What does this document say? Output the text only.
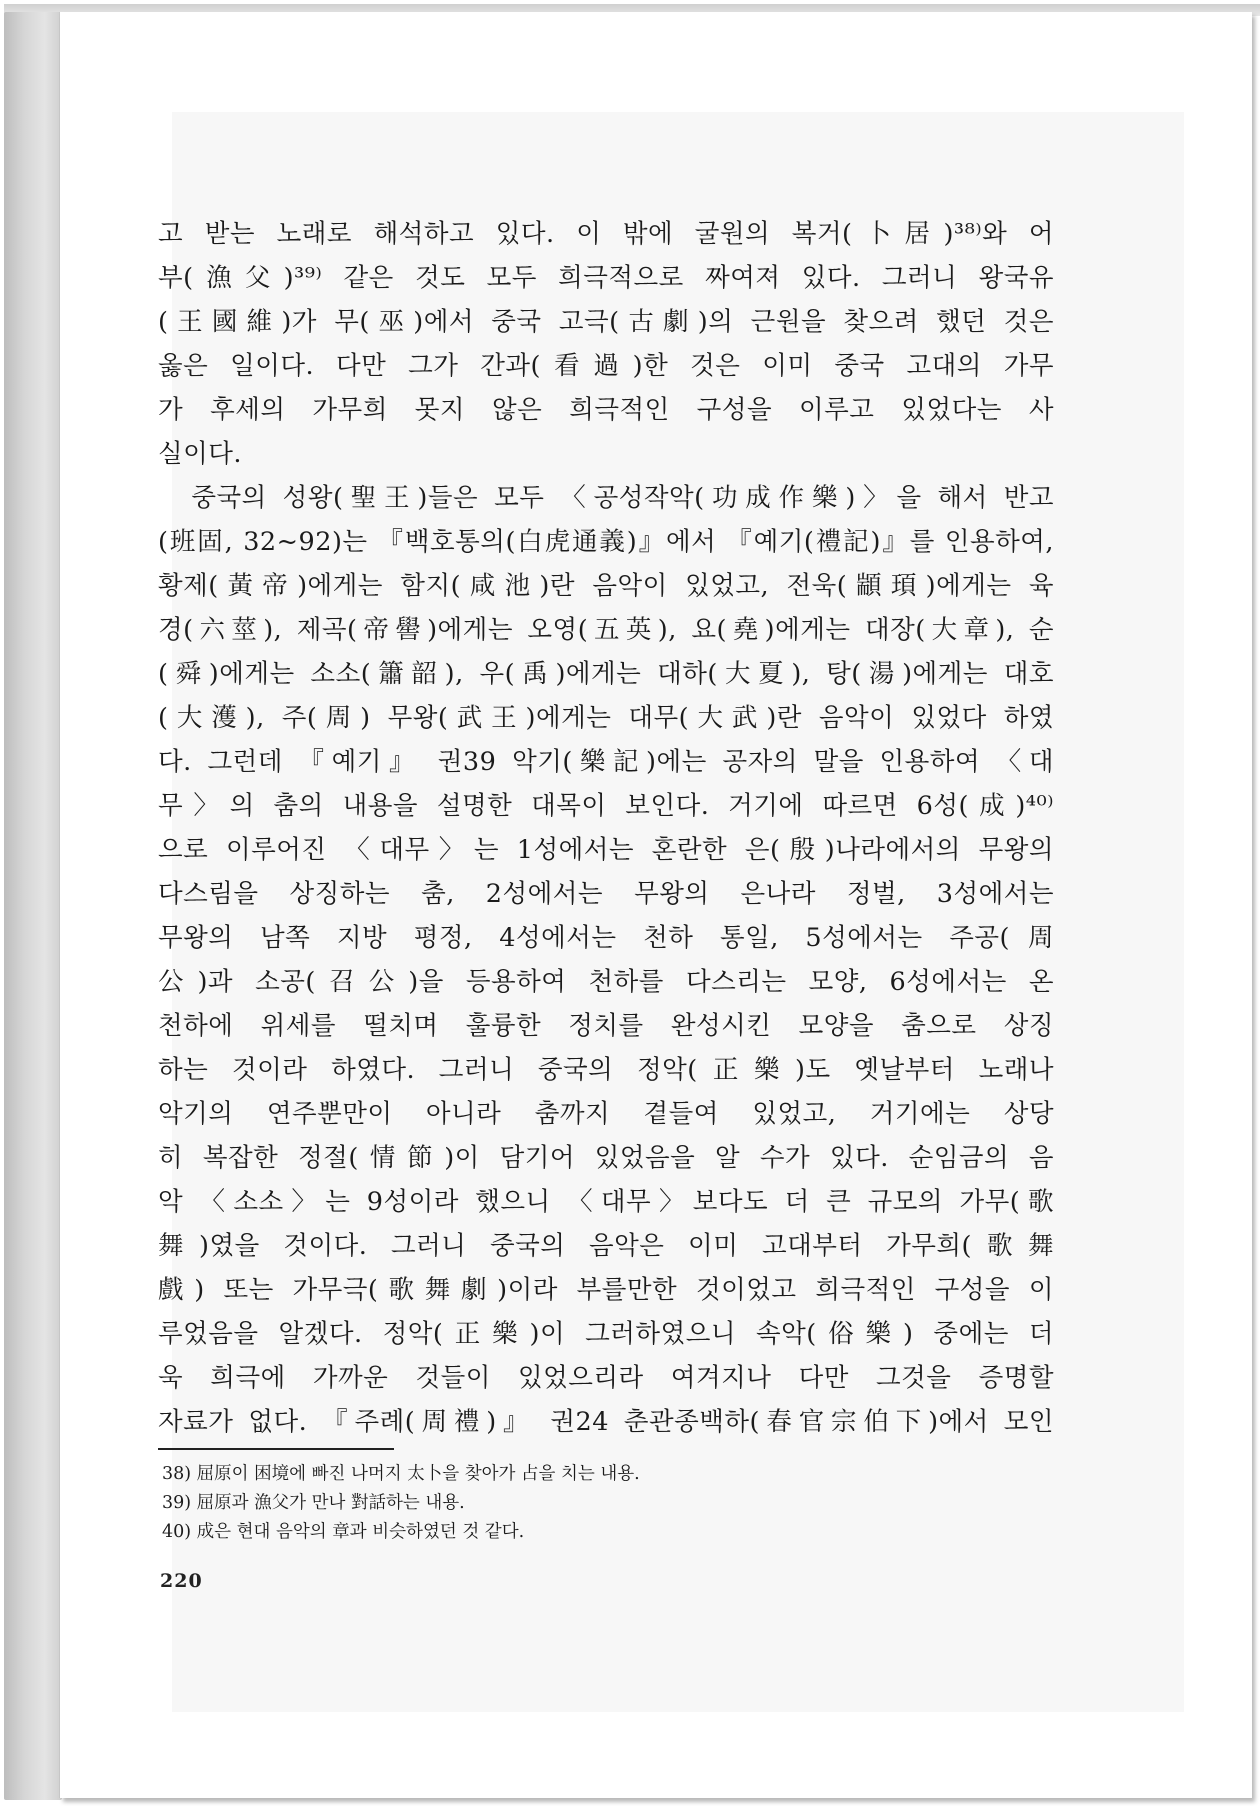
고 받는 노래로 해석하고 있다. 이 밖에 굴원의 복거(卜居)³⁸⁾와 어
부(漁父)³⁹⁾ 같은 것도 모두 희극적으로 짜여져 있다. 그러니 왕국유
(王國維)가 무(巫)에서 중국 고극(古劇)의 근원을 찾으려 했던 것은
옳은 일이다. 다만 그가 간과(看過)한 것은 이미 중국 고대의 가무
가 후세의 가무희 못지 않은 희극적인 구성을 이루고 있었다는 사
실이다.
　중국의 성왕(聖王)들은 모두 〈공성작악(功成作樂)〉을 해서 반고
(班固, 32~92)는 『백호통의(白虎通義)』에서 『예기(禮記)』를 인용하여,
황제(黃帝)에게는 함지(咸池)란 음악이 있었고, 전욱(顓頊)에게는 육
경(六莖), 제곡(帝嚳)에게는 오영(五英), 요(堯)에게는 대장(大章), 순
(舜)에게는 소소(簫韶), 우(禹)에게는 대하(大夏), 탕(湯)에게는 대호
(大濩), 주(周) 무왕(武王)에게는 대무(大武)란 음악이 있었다 하였
다. 그런데 『예기』 권39 악기(樂記)에는 공자의 말을 인용하여 〈대
무〉의 춤의 내용을 설명한 대목이 보인다. 거기에 따르면 6성(成)⁴⁰⁾
으로 이루어진 〈대무〉는 1성에서는 혼란한 은(殷)나라에서의 무왕의
다스림을 상징하는 춤, 2성에서는 무왕의 은나라 정벌, 3성에서는
무왕의 남쪽 지방 평정, 4성에서는 천하 통일, 5성에서는 주공(周
公)과 소공(召公)을 등용하여 천하를 다스리는 모양, 6성에서는 온
천하에 위세를 떨치며 훌륭한 정치를 완성시킨 모양을 춤으로 상징
하는 것이라 하였다. 그러니 중국의 정악(正樂)도 옛날부터 노래나
악기의 연주뿐만이 아니라 춤까지 곁들여 있었고, 거기에는 상당
히 복잡한 정절(情節)이 담기어 있었음을 알 수가 있다. 순임금의 음
악 〈소소〉는 9성이라 했으니 〈대무〉보다도 더 큰 규모의 가무(歌
舞)였을 것이다. 그러니 중국의 음악은 이미 고대부터 가무희(歌舞
戲) 또는 가무극(歌舞劇)이라 부를만한 것이었고 희극적인 구성을 이
루었음을 알겠다. 정악(正樂)이 그러하였으니 속악(俗樂) 중에는 더
욱 희극에 가까운 것들이 있었으리라 여겨지나 다만 그것을 증명할
자료가 없다. 『주례(周禮)』 권24 춘관종백하(春官宗伯下)에서 모인
38) 屈原이 困境에 빠진 나머지 太卜을 찾아가 占을 치는 내용.
39) 屈原과 漁父가 만나 對話하는 내용.
40) 成은 현대 음악의 章과 비슷하였던 것 같다.
220
